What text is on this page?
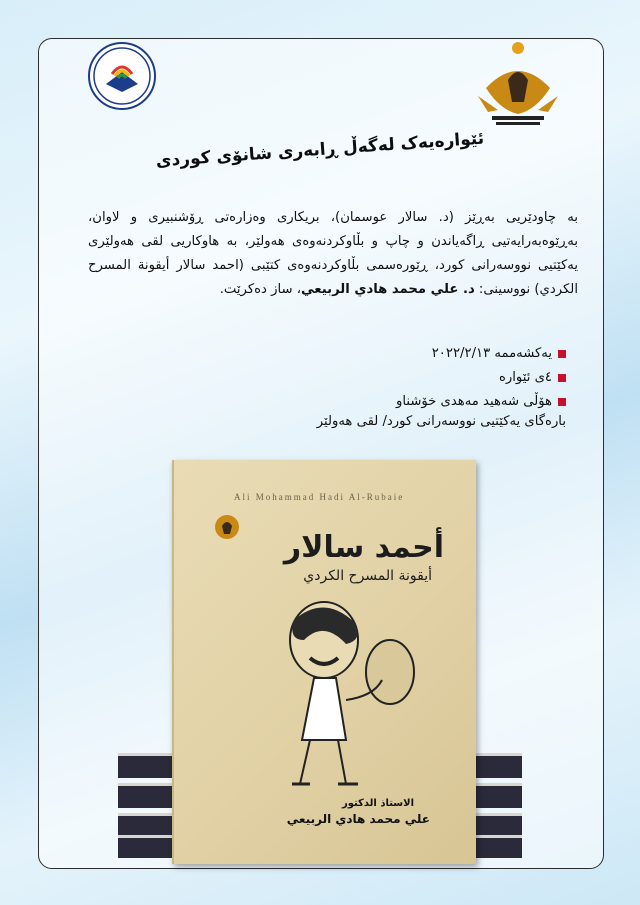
ئێوارەیەک لەگەڵ ڕابەری شانۆی کوردی
بە چاودێریی بەڕێز (د. سالار عوسمان)، بریکاری وەزارەتی ڕۆشنبیری و لاوان، بەڕێوەبەرایەتیی ڕاگەیاندن و چاپ و بڵاوکردنەوەی هەولێر، بە هاوکاریی لقی هەولێری یەکێتیی نووسەرانی کورد، ڕێورەسمی بڵاوکردنەوەی کتێبی (احمد سالار أیقونة المسرح الكردي) نووسینی: د. علي محمد هادي الربيعي، ساز دەکرێت.
یەکشەممە ٢٠٢٢/٢/١٣
٤ی ئێوارە
هۆڵی شەهید مەهدی خۆشناو
بارەگای یەکێتیی نووسەرانی کورد/ لقی هەولێر
Ali Mohammad Hadi Al-Rubaie
أحمد سالار
أيقونة المسرح الكردي
الاستاذ الدكتور
علي محمد هادي الربيعي
